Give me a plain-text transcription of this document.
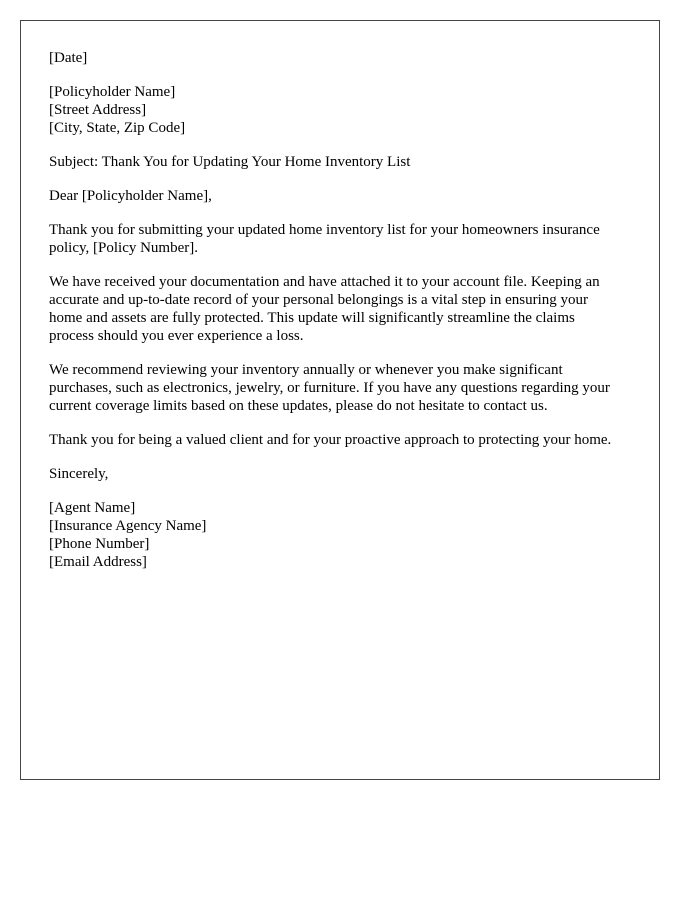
[Date]
[Policyholder Name]
[Street Address]
[City, State, Zip Code]
Subject: Thank You for Updating Your Home Inventory List
Dear [Policyholder Name],

Thank you for submitting your updated home inventory list for your homeowners insurance policy, [Policy Number].

We have received your documentation and have attached it to your account file. Keeping an accurate and up-to-date record of your personal belongings is a vital step in ensuring your home and assets are fully protected. This update will significantly streamline the claims process should you ever experience a loss.

We recommend reviewing your inventory annually or whenever you make significant purchases, such as electronics, jewelry, or furniture. If you have any questions regarding your current coverage limits based on these updates, please do not hesitate to contact us.

Thank you for being a valued client and for your proactive approach to protecting your home.

Sincerely,
[Agent Name]
[Insurance Agency Name]
[Phone Number]
[Email Address]
